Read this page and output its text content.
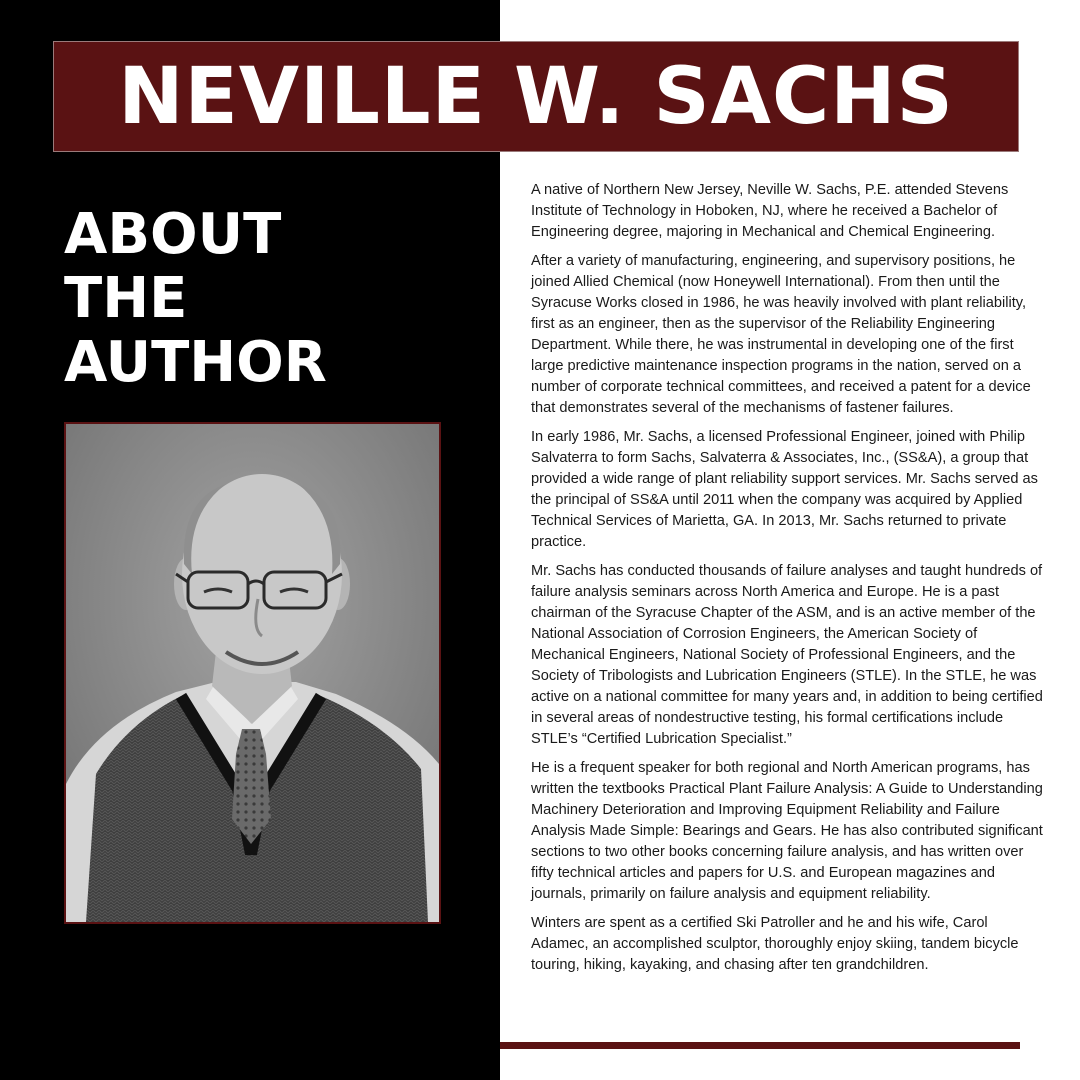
NEVILLE W. SACHS
ABOUT
THE
AUTHOR

A native of Northern New Jersey, Neville W. Sachs, P.E. attended Stevens Institute of Technology in Hoboken, NJ, where he received a Bachelor of Engineering degree, majoring in Mechanical and Chemical Engineering.

After a variety of manufacturing, engineering, and supervisory positions, he joined Allied Chemical (now Honeywell International). From then until the Syracuse Works closed in 1986, he was heavily involved with plant reliability, first as an engineer, then as the supervisor of the Reliability Engineering Department. While there, he was instrumental in developing one of the first large predictive maintenance inspection programs in the nation, served on a number of corporate technical committees, and received a patent for a device that demonstrates several of the mechanisms of fastener failures.

In early 1986, Mr. Sachs, a licensed Professional Engineer, joined with Philip Salvaterra to form Sachs, Salvaterra & Associates, Inc., (SS&A), a group that provided a wide range of plant reliability support services. Mr. Sachs served as the principal of SS&A until 2011 when the company was acquired by Applied Technical Services of Marietta, GA. In 2013, Mr. Sachs returned to private practice.

Mr. Sachs has conducted thousands of failure analyses and taught hundreds of failure analysis seminars across North America and Europe. He is a past chairman of the Syracuse Chapter of the ASM, and is an active member of the National Association of Corrosion Engineers, the American Society of Mechanical Engineers, National Society of Professional Engineers, and the Society of Tribologists and Lubrication Engineers (STLE). In the STLE, he was active on a national committee for many years and, in addition to being certified in several areas of nondestructive testing, his formal certifications include STLE’s “Certified Lubrication Specialist.”

He is a frequent speaker for both regional and North American programs, has written the textbooks Practical Plant Failure Analysis: A Guide to Understanding Machinery Deterioration and Improving Equipment Reliability and Failure Analysis Made Simple: Bearings and Gears. He has also contributed significant sections to two other books concerning failure analysis, and has written over fifty technical articles and papers for U.S. and European magazines and journals, primarily on failure analysis and equipment reliability.

Winters are spent as a certified Ski Patroller and he and his wife, Carol Adamec, an accomplished sculptor, thoroughly enjoy skiing, tandem bicycle touring, hiking, kayaking, and chasing after ten grandchildren.
